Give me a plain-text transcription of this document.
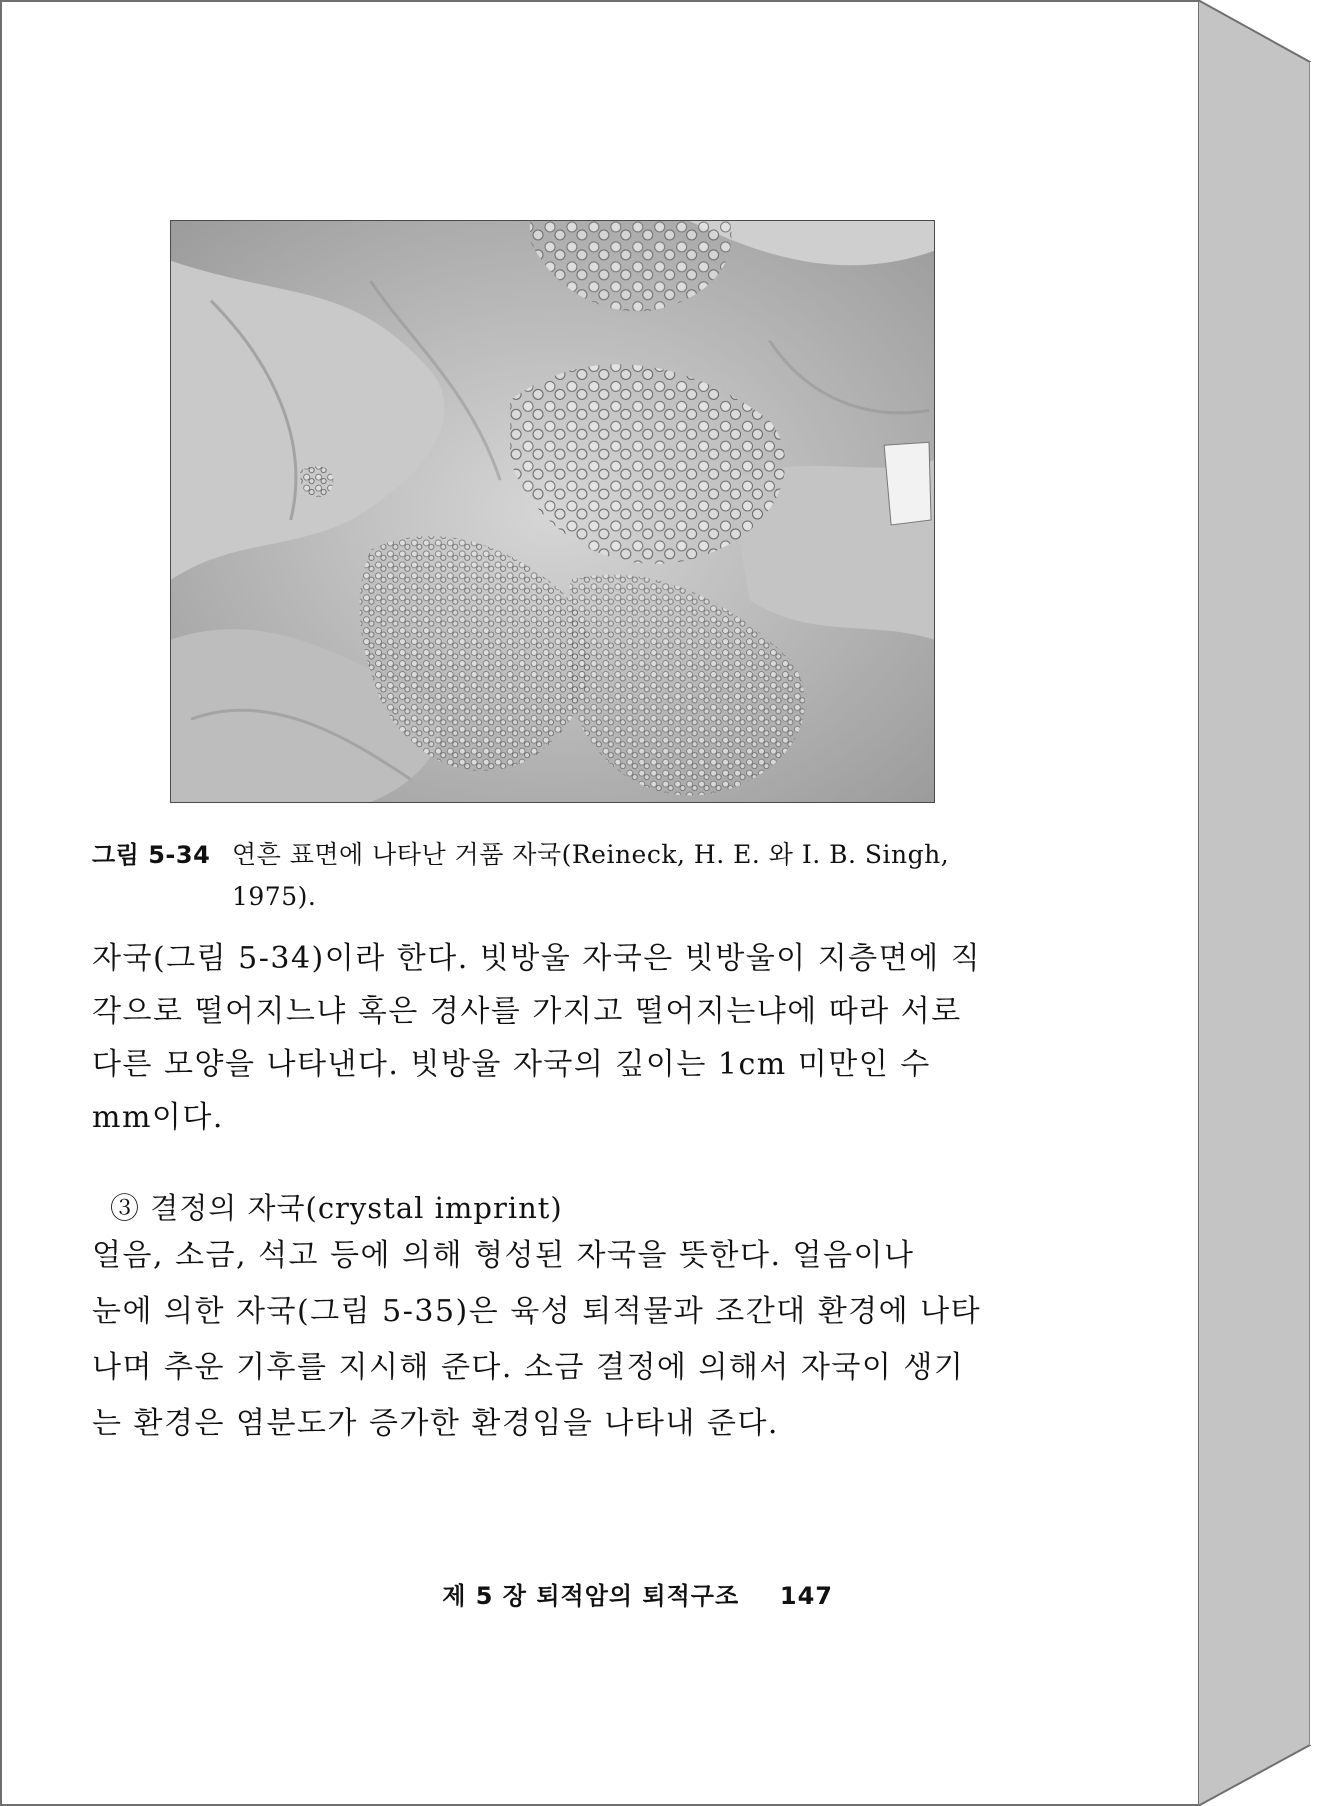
그림 5-34 연흔 표면에 나타난 거품 자국(Reineck, H. E. 와 I. B. Singh,
1975).
자국(그림 5-34)이라 한다. 빗방울 자국은 빗방울이 지층면에 직
각으로 떨어지느냐 혹은 경사를 가지고 떨어지는냐에 따라 서로
다른 모양을 나타낸다. 빗방울 자국의 깊이는 1cm 미만인 수
mm이다.
③ 결정의 자국(crystal imprint)
얼음, 소금, 석고 등에 의해 형성된 자국을 뜻한다. 얼음이나
눈에 의한 자국(그림 5-35)은 육성 퇴적물과 조간대 환경에 나타
나며 추운 기후를 지시해 준다. 소금 결정에 의해서 자국이 생기
는 환경은 염분도가 증가한 환경임을 나타내 준다.
제 5 장 퇴적암의 퇴적구조 147
